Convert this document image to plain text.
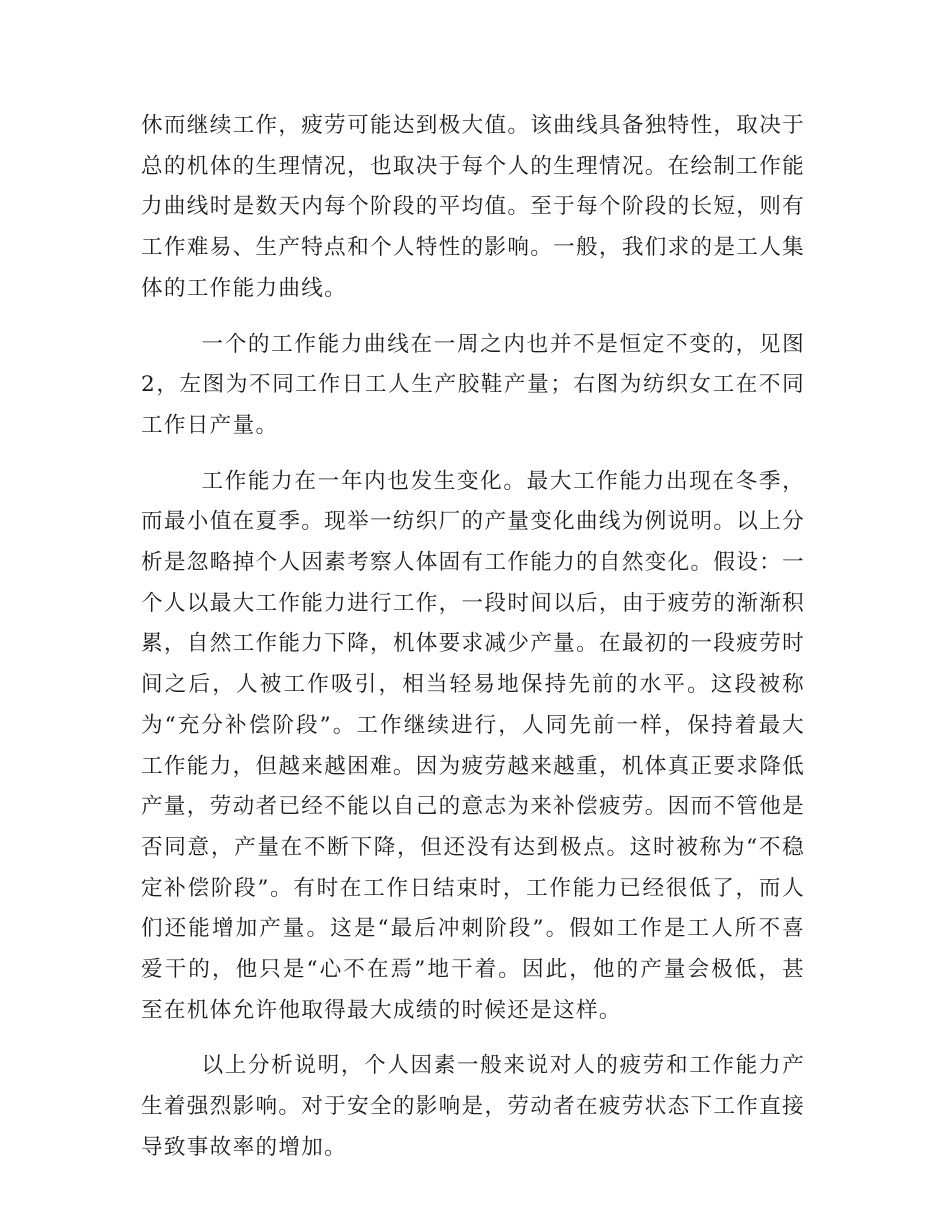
休而继续工作，疲劳可能达到极大值。该曲线具备独特性，取决于总的机体的生理情况，也取决于每个人的生理情况。在绘制工作能力曲线时是数天内每个阶段的平均值。至于每个阶段的长短，则有工作难易、生产特点和个人特性的影响。一般，我们求的是工人集体的工作能力曲线。

一个的工作能力曲线在一周之内也并不是恒定不变的，见图2，左图为不同工作日工人生产胶鞋产量；右图为纺织女工在不同工作日产量。

工作能力在一年内也发生变化。最大工作能力出现在冬季，而最小值在夏季。现举一纺织厂的产量变化曲线为例说明。以上分析是忽略掉个人因素考察人体固有工作能力的自然变化。假设：一个人以最大工作能力进行工作，一段时间以后，由于疲劳的渐渐积累，自然工作能力下降，机体要求减少产量。在最初的一段疲劳时间之后，人被工作吸引，相当轻易地保持先前的水平。这段被称为“充分补偿阶段”。工作继续进行，人同先前一样，保持着最大工作能力，但越来越困难。因为疲劳越来越重，机体真正要求降低产量，劳动者已经不能以自己的意志为来补偿疲劳。因而不管他是否同意，产量在不断下降，但还没有达到极点。这时被称为“不稳定补偿阶段”。有时在工作日结束时，工作能力已经很低了，而人们还能增加产量。这是“最后冲刺阶段”。假如工作是工人所不喜爱干的，他只是“心不在焉”地干着。因此，他的产量会极低，甚至在机体允许他取得最大成绩的时候还是这样。

以上分析说明，个人因素一般来说对人的疲劳和工作能力产生着强烈影响。对于安全的影响是，劳动者在疲劳状态下工作直接导致事故率的增加。
